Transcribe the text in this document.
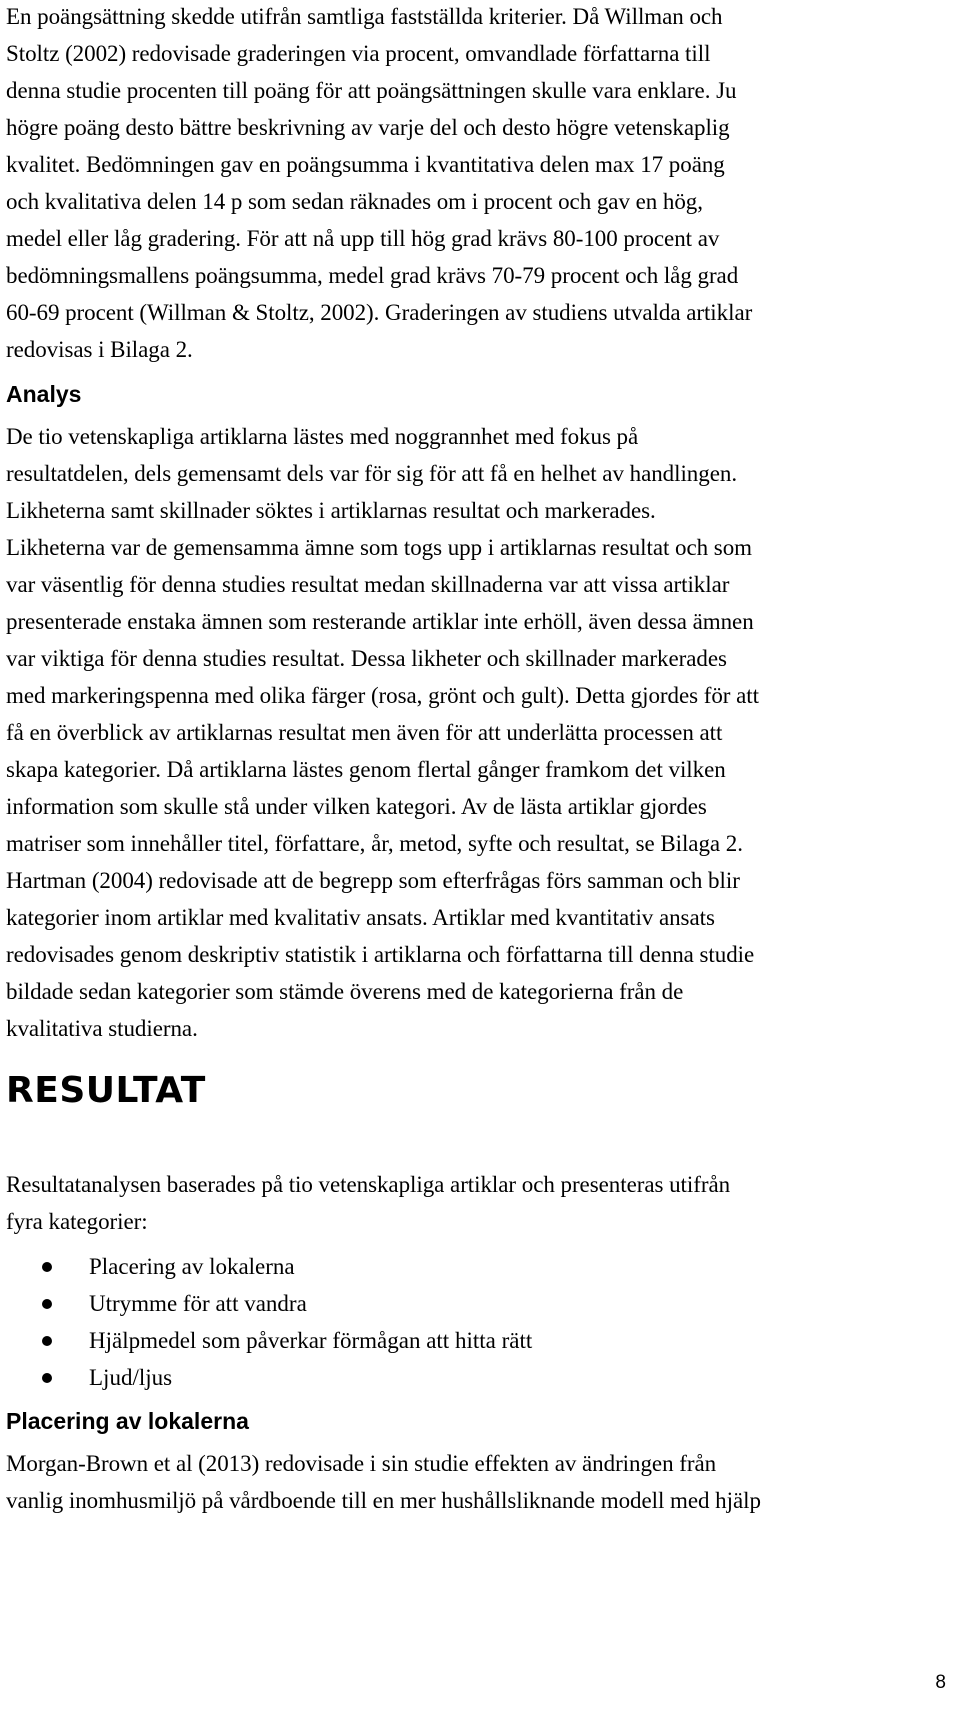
En poängsättning skedde utifrån samtliga fastställda kriterier. Då Willman och
Stoltz (2002) redovisade graderingen via procent, omvandlade författarna till
denna studie procenten till poäng för att poängsättningen skulle vara enklare. Ju
högre poäng desto bättre beskrivning av varje del och desto högre vetenskaplig
kvalitet. Bedömningen gav en poängsumma i kvantitativa delen max 17 poäng
och kvalitativa delen 14 p som sedan räknades om i procent och gav en hög,
medel eller låg gradering. För att nå upp till hög grad krävs 80-100 procent av
bedömningsmallens poängsumma, medel grad krävs 70-79 procent och låg grad
60-69 procent (Willman & Stoltz, 2002). Graderingen av studiens utvalda artiklar
redovisas i Bilaga 2.

Analys

De tio vetenskapliga artiklarna lästes med noggrannhet med fokus på
resultatdelen, dels gemensamt dels var för sig för att få en helhet av handlingen.
Likheterna samt skillnader söktes i artiklarnas resultat och markerades.
Likheterna var de gemensamma ämne som togs upp i artiklarnas resultat och som
var väsentlig för denna studies resultat medan skillnaderna var att vissa artiklar
presenterade enstaka ämnen som resterande artiklar inte erhöll, även dessa ämnen
var viktiga för denna studies resultat. Dessa likheter och skillnader markerades
med markeringspenna med olika färger (rosa, grönt och gult). Detta gjordes för att
få en överblick av artiklarnas resultat men även för att underlätta processen att
skapa kategorier. Då artiklarna lästes genom flertal gånger framkom det vilken
information som skulle stå under vilken kategori. Av de lästa artiklar gjordes
matriser som innehåller titel, författare, år, metod, syfte och resultat, se Bilaga 2.
Hartman (2004) redovisade att de begrepp som efterfrågas förs samman och blir
kategorier inom artiklar med kvalitativ ansats. Artiklar med kvantitativ ansats
redovisades genom deskriptiv statistik i artiklarna och författarna till denna studie
bildade sedan kategorier som stämde överens med de kategorierna från de
kvalitativa studierna.

RESULTAT

Resultatanalysen baserades på tio vetenskapliga artiklar och presenteras utifrån
fyra kategorier:

Placering av lokalerna
Utrymme för att vandra
Hjälpmedel som påverkar förmågan att hitta rätt
Ljud/ljus
Placering av lokalerna

Morgan-Brown et al (2013) redovisade i sin studie effekten av ändringen från
vanlig inomhusmiljö på vårdboende till en mer hushållsliknande modell med hjälp

8
